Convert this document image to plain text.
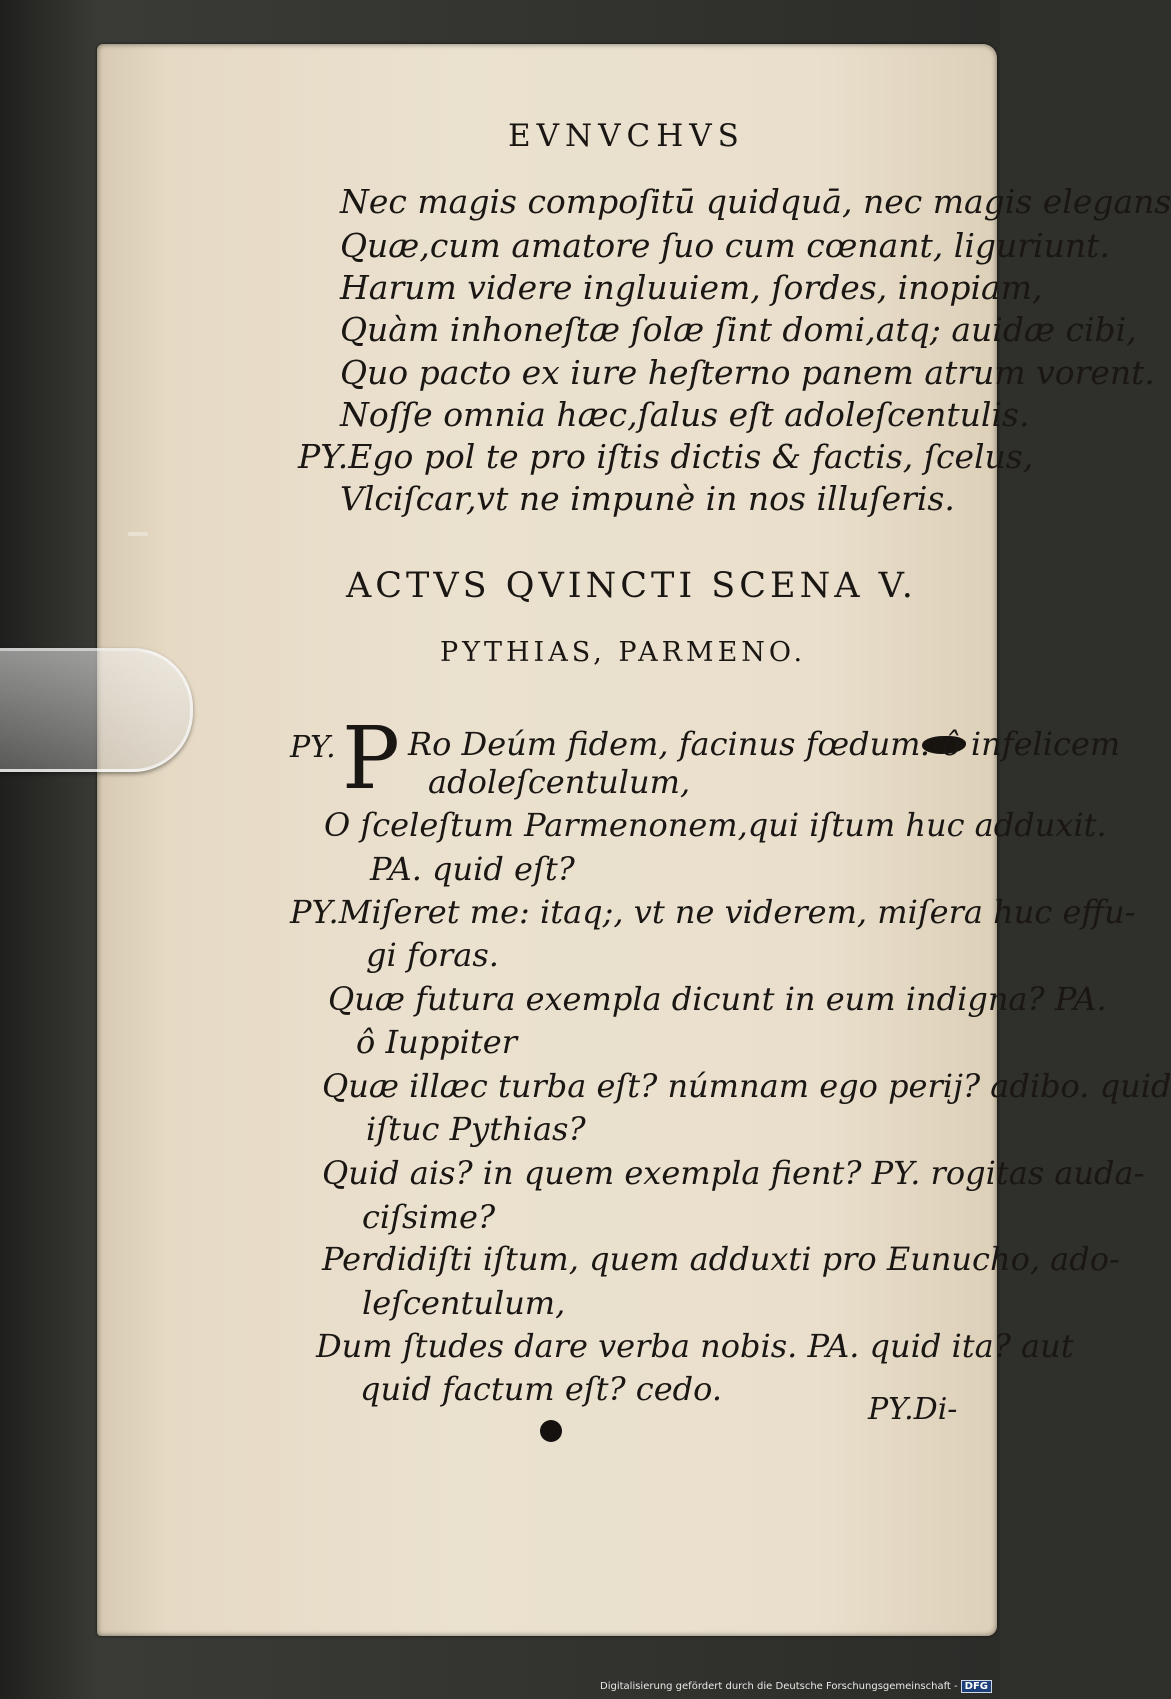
EVNVCHVS
Nec magis compoſitū quidquā, nec magis elegans
Quæ,cum amatore ſuo cum cœnant, liguriunt.
Harum videre ingluuiem, ſordes, inopiam,
Quàm inhoneſtæ ſolæ ſint domi,atq; auidæ cibi,
Quo pacto ex iure heſterno panem atrum vorent.
Noſſe omnia hæc,ſalus eſt adoleſcentulis.
PY.Ego pol te pro iſtis dictis & factis, ſcelus,
Vlciſcar,vt ne impunè in nos illuſeris.
ACTVS QVINCTI SCENA V.
PYTHIAS, PARMENO.
PY. P Ro Deúm fidem, facinus fœdum: ô infelicem
adoleſcentulum,
O ſceleſtum Parmenonem,qui iſtum huc adduxit.
PA. quid eſt?
PY.Miſeret me: itaq;, vt ne viderem, miſera huc effu-
gi foras.
Quæ futura exempla dicunt in eum indigna? PA.
ô Iuppiter
Quæ illæc turba eſt? númnam ego perij? adibo. quid
iſtuc Pythias?
Quid ais? in quem exempla fient? PY. rogitas auda-
ciſsime?
Perdidiſti iſtum, quem adduxti pro Eunucho, ado-
leſcentulum,
Dum ſtudes dare verba nobis. PA. quid ita? aut
quid factum eſt? cedo.
PY.Di-
Digitalisierung gefördert durch die Deutsche Forschungsgemeinschaft - DFG
